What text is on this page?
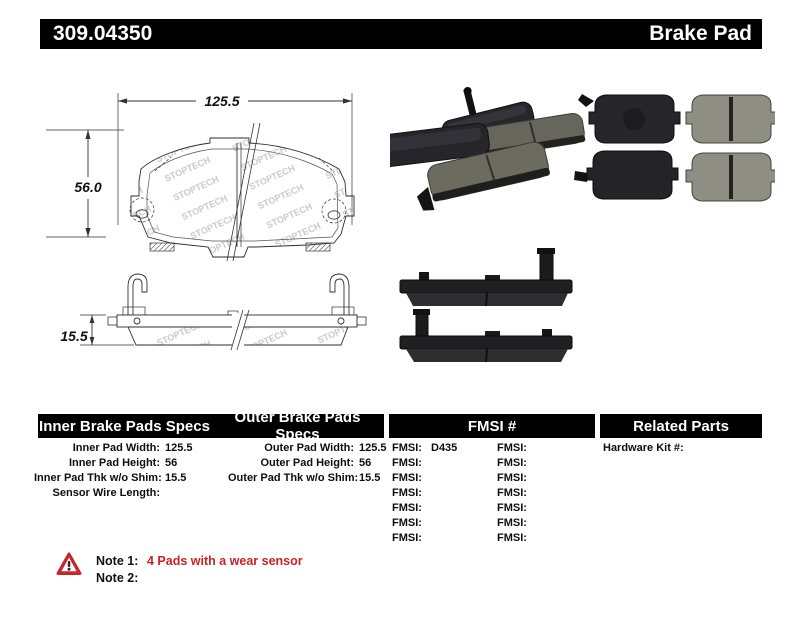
309.04350	Brake Pad
125.5
56.0
15.5
Inner Brake Pads Specs	Outer Brake Pads Specs	FMSI #	Related Parts
Inner Pad Width: 125.5
Inner Pad Height: 56
Inner Pad Thk w/o Shim: 15.5
Sensor Wire Length:
Outer Pad Width: 125.5
Outer Pad Height: 56
Outer Pad Thk w/o Shim: 15.5
FMSI: D435
FMSI:
FMSI:
FMSI:
FMSI:
FMSI:
FMSI:
FMSI:
FMSI:
FMSI:
FMSI:
FMSI:
FMSI:
FMSI:
Hardware Kit #:
Note 1: 4 Pads with a wear sensor
Note 2:
